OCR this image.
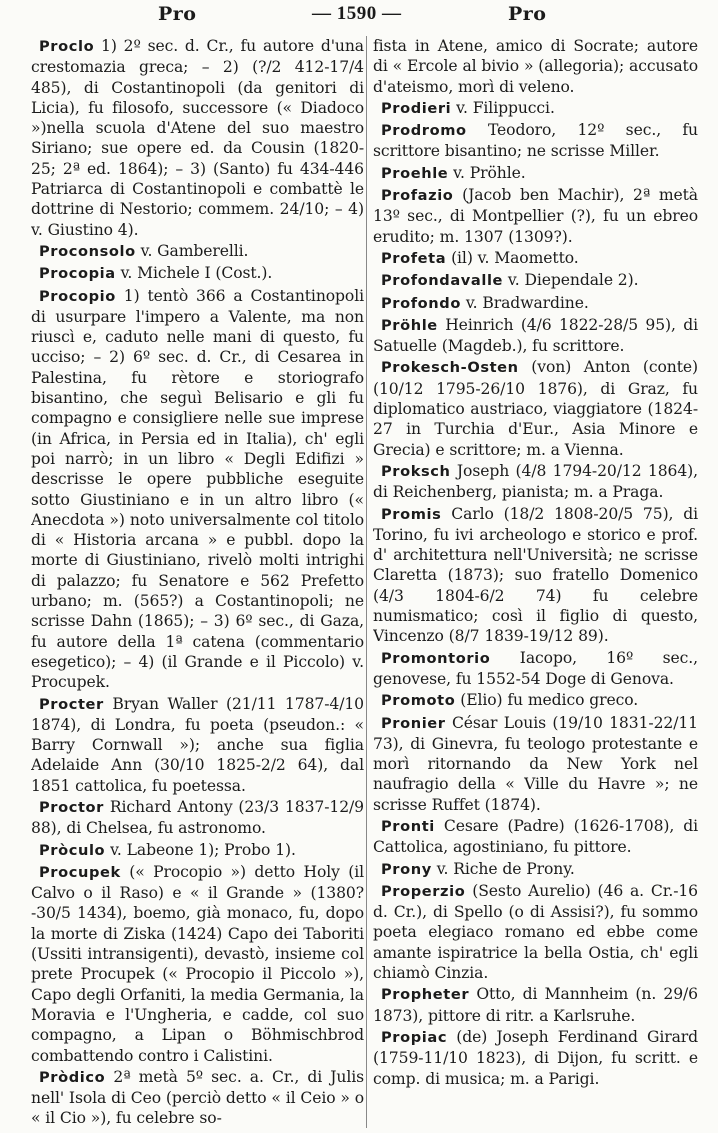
Pro	— 1590 —	Pro

Proclo 1) 2º sec. d. Cr., fu autore d'una crestomazia greca; – 2) (?/2 412-17/4 485), di Costantinopoli (da genitori di Licia), fu filosofo, successore (« Diadoco »)nella scuola d'Atene del suo maestro Siriano; sue opere ed. da Cousin (1820-25; 2ª ed. 1864); – 3) (Santo) fu 434-446 Patriarca di Costantinopoli e combattè le dottrine di Nestorio; commem. 24/10; – 4) v. Giustino 4).

Proconsolo v. Gamberelli.

Procopia v. Michele I (Cost.).

Procopio 1) tentò 366 a Costantinopoli di usurpare l'impero a Valente, ma non riuscì e, caduto nelle mani di questo, fu ucciso; – 2) 6º sec. d. Cr., di Cesarea in Palestina, fu rètore e storiografo bisantino, che seguì Belisario e gli fu compagno e consigliere nelle sue imprese (in Africa, in Persia ed in Italia), ch' egli poi narrò; in un libro « Degli Edifizi » descrisse le opere pubbliche eseguite sotto Giustiniano e in un altro libro (« Anecdota ») noto universalmente col titolo di « Historia arcana » e pubbl. dopo la morte di Giustiniano, rivelò molti intrighi di palazzo; fu Senatore e 562 Prefetto urbano; m. (565?) a Costantinopoli; ne scrisse Dahn (1865); – 3) 6º sec., di Gaza, fu autore della 1ª catena (commentario esegetico); – 4) (il Grande e il Piccolo) v. Procupek.

Procter Bryan Waller (21/11 1787-4/10 1874), di Londra, fu poeta (pseudon.: « Barry Cornwall »); anche sua figlia Adelaide Ann (30/10 1825-2/2 64), dal 1851 cattolica, fu poetessa.

Proctor Richard Antony (23/3 1837-12/9 88), di Chelsea, fu astronomo.

Pròculo v. Labeone 1); Probo 1).

Procupek (« Procopio ») detto Holy (il Calvo o il Raso) e « il Grande » (1380?-30/5 1434), boemo, già monaco, fu, dopo la morte di Ziska (1424) Capo dei Taboriti (Ussiti intransigenti), devastò, insieme col prete Procupek (« Procopio il Piccolo »), Capo degli Orfaniti, la media Germania, la Moravia e l'Ungheria, e cadde, col suo compagno, a Lipan o Böhmischbrod combattendo contro i Calistini.

Pròdico 2ª metà 5º sec. a. Cr., di Julis nell' Isola di Ceo (perciò detto « il Ceio » o « il Cio »), fu celebre so-

fista in Atene, amico di Socrate; autore di « Ercole al bivio » (allegoria); accusato d'ateismo, morì di veleno.

Prodieri v. Filippucci.

Prodromo Teodoro, 12º sec., fu scrittore bisantino; ne scrisse Miller.

Proehle v. Pröhle.

Profazio (Jacob ben Machir), 2ª metà 13º sec., di Montpellier (?), fu un ebreo erudito; m. 1307 (1309?).

Profeta (il) v. Maometto.

Profondavalle v. Diependale 2).

Profondo v. Bradwardine.

Pröhle Heinrich (4/6 1822-28/5 95), di Satuelle (Magdeb.), fu scrittore.

Prokesch-Osten (von) Anton (conte) (10/12 1795-26/10 1876), di Graz, fu diplomatico austriaco, viaggiatore (1824-27 in Turchia d'Eur., Asia Minore e Grecia) e scrittore; m. a Vienna.

Proksch Joseph (4/8 1794-20/12 1864), di Reichenberg, pianista; m. a Praga.

Promis Carlo (18/2 1808-20/5 75), di Torino, fu ivi archeologo e storico e prof. d' architettura nell'Università; ne scrisse Claretta (1873); suo fratello Domenico (4/3 1804-6/2 74) fu celebre numismatico; così il figlio di questo, Vincenzo (8/7 1839-19/12 89).

Promontorio Iacopo, 16º sec., genovese, fu 1552-54 Doge di Genova.

Promoto (Elio) fu medico greco.

Pronier César Louis (19/10 1831-22/11 73), di Ginevra, fu teologo protestante e morì ritornando da New York nel naufragio della « Ville du Havre »; ne scrisse Ruffet (1874).

Pronti Cesare (Padre) (1626-1708), di Cattolica, agostiniano, fu pittore.

Prony v. Riche de Prony.

Properzio (Sesto Aurelio) (46 a. Cr.-16 d. Cr.), di Spello (o di Assisi?), fu sommo poeta elegiaco romano ed ebbe come amante ispiratrice la bella Ostia, ch' egli chiamò Cinzia.

Propheter Otto, di Mannheim (n. 29/6 1873), pittore di ritr. a Karlsruhe.

Propiac (de) Joseph Ferdinand Girard (1759-11/10 1823), di Dijon, fu scritt. e comp. di musica; m. a Parigi.
